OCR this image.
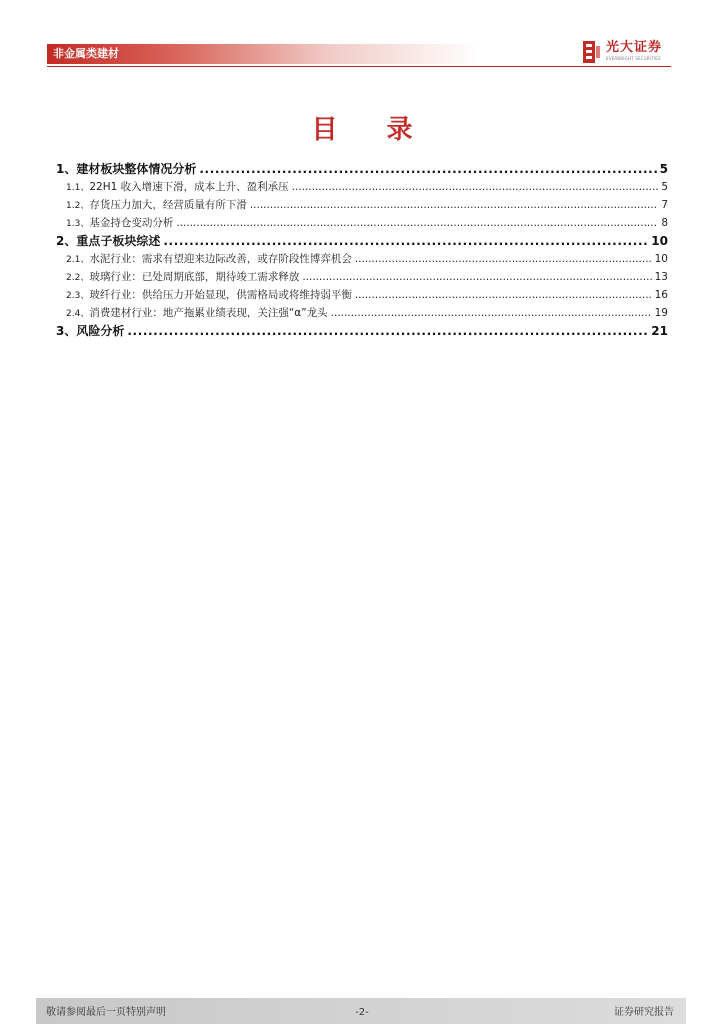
非金属类建材	光大证券
EVERBRIGHT SECURITIES
目 录
1、 建材板块整体情况分析 .....	5
1.1、 22H1 收入增速下滑，成本上升、盈利承压 .....	5
1.2、 存货压力加大，经营质量有所下滑 .....	7
1.3、 基金持仓变动分析 .....	8
2、 重点子板块综述 .....	10
2.1、 水泥行业：需求有望迎来边际改善，或存阶段性博弈机会 .....	10
2.2、 玻璃行业：已处周期底部，期待竣工需求释放 .....	13
2.3、 玻纤行业：供给压力开始显现，供需格局或将维持弱平衡 .....	16
2.4、 消费建材行业：地产拖累业绩表现，关注强“α”龙头 .....	19
3、 风险分析 .....	21
敬请参阅最后一页特别声明	-2-	证券研究报告
